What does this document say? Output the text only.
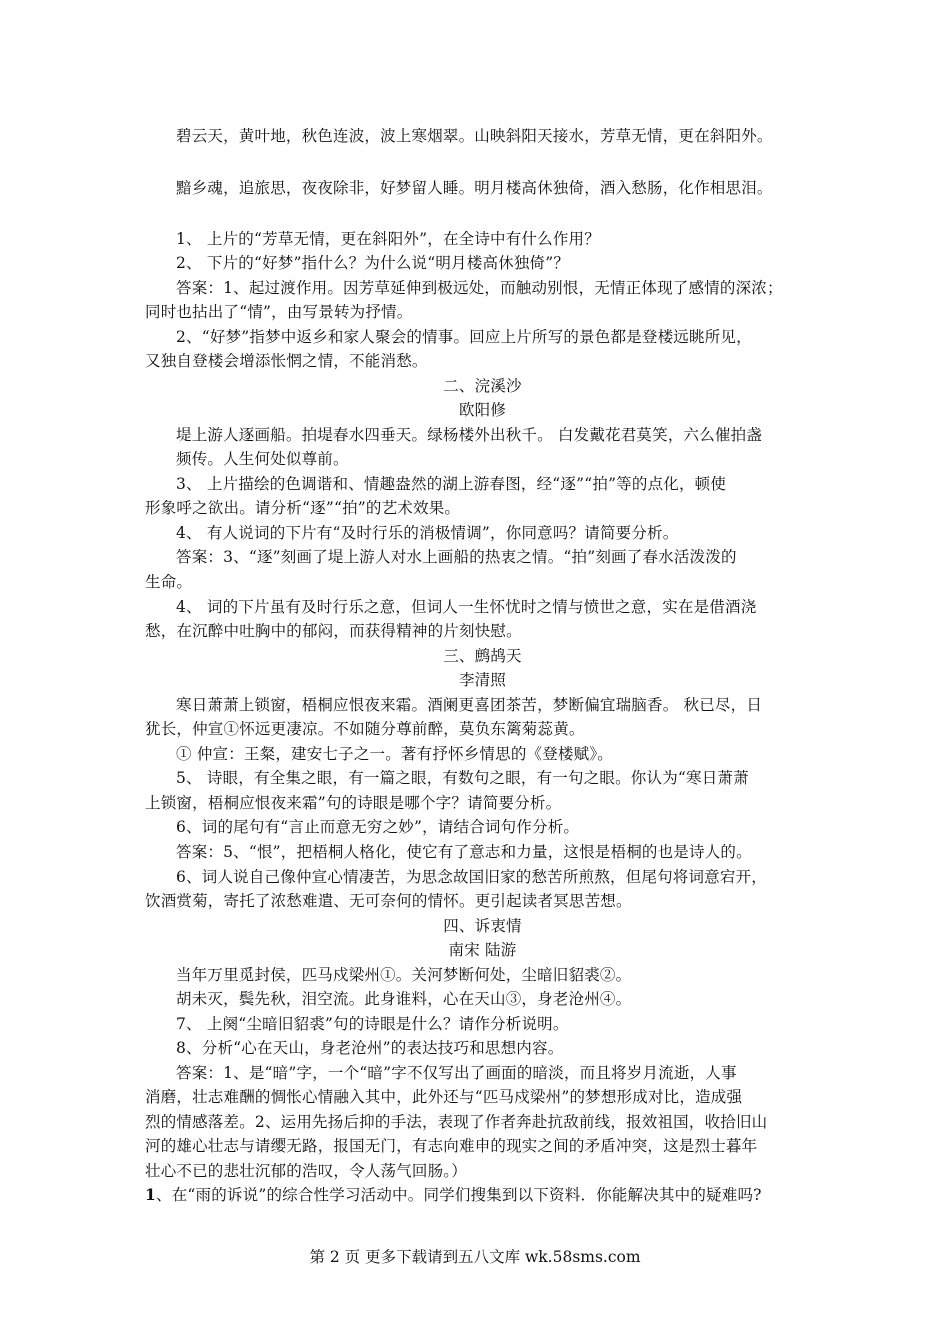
碧云天，黄叶地，秋色连波，波上寒烟翠。山映斜阳天接水，芳草无情，更在斜阳外。
黯乡魂，追旅思，夜夜除非，好梦留人睡。明月楼高休独倚，酒入愁肠，化作相思泪。
1、 上片的“芳草无情，更在斜阳外”，在全诗中有什么作用？
2、 下片的“好梦”指什么？为什么说“明月楼高休独倚”？
答案：1、起过渡作用。因芳草延伸到极远处，而触动别恨，无情正体现了感情的深浓；
同时也拈出了“情”，由写景转为抒情。
2、“好梦”指梦中返乡和家人聚会的情事。回应上片所写的景色都是登楼远眺所见，
又独自登楼会增添怅惘之情，不能消愁。
二、浣溪沙
欧阳修
堤上游人逐画船。拍堤春水四垂天。绿杨楼外出秋千。 白发戴花君莫笑，六么催拍盏
频传。人生何处似尊前。
3、 上片描绘的色调谐和、情趣盎然的湖上游春图，经“逐”“拍”等的点化，顿使
形象呼之欲出。请分析“逐”“拍”的艺术效果。
4、 有人说词的下片有“及时行乐的消极情调”，你同意吗？请简要分析。
答案：3、“逐”刻画了堤上游人对水上画船的热衷之情。“拍”刻画了春水活泼泼的
生命。
4、 词的下片虽有及时行乐之意，但词人一生怀忧时之情与愤世之意，实在是借酒浇
愁，在沉醉中吐胸中的郁闷，而获得精神的片刻快慰。
三、鹧鸪天
李清照
寒日萧萧上锁窗，梧桐应恨夜来霜。酒阑更喜团茶苦，梦断偏宜瑞脑香。 秋已尽，日
犹长，仲宣①怀远更凄凉。不如随分尊前醉，莫负东篱菊蕊黄。
① 仲宣：王粲，建安七子之一。著有抒怀乡情思的《登楼赋》。
5、 诗眼，有全集之眼，有一篇之眼，有数句之眼，有一句之眼。你认为“寒日萧萧
上锁窗，梧桐应恨夜来霜”句的诗眼是哪个字？请简要分析。
6、词的尾句有“言止而意无穷之妙”，请结合词句作分析。
答案：5、“恨”，把梧桐人格化，使它有了意志和力量，这恨是梧桐的也是诗人的。
6、词人说自己像仲宣心情凄苦，为思念故国旧家的愁苦所煎熬，但尾句将词意宕开，
饮酒赏菊，寄托了浓愁难遣、无可奈何的情怀。更引起读者冥思苦想。
四、诉衷情
南宋 陆游
当年万里觅封侯，匹马戍梁州①。关河梦断何处，尘暗旧貂裘②。
胡未灭，鬓先秋，泪空流。此身谁料，心在天山③，身老沧州④。
7、 上阕“尘暗旧貂裘”句的诗眼是什么？请作分析说明。
8、分析“心在天山，身老沧州”的表达技巧和思想内容。
答案：1、是“暗”字，一个“暗”字不仅写出了画面的暗淡，而且将岁月流逝，人事
消磨，壮志难酬的惆怅心情融入其中，此外还与“匹马戍梁州”的梦想形成对比，造成强
烈的情感落差。2、运用先扬后抑的手法，表现了作者奔赴抗敌前线，报效祖国，收拾旧山
河的雄心壮志与请缨无路，报国无门，有志向难申的现实之间的矛盾冲突，这是烈士暮年
壮心不已的悲壮沉郁的浩叹，令人荡气回肠。）
1、在“雨的诉说”的综合性学习活动中。同学们搜集到以下资料．你能解决其中的疑难吗?
第 2 页 更多下载请到五八文库 wk.58sms.com
